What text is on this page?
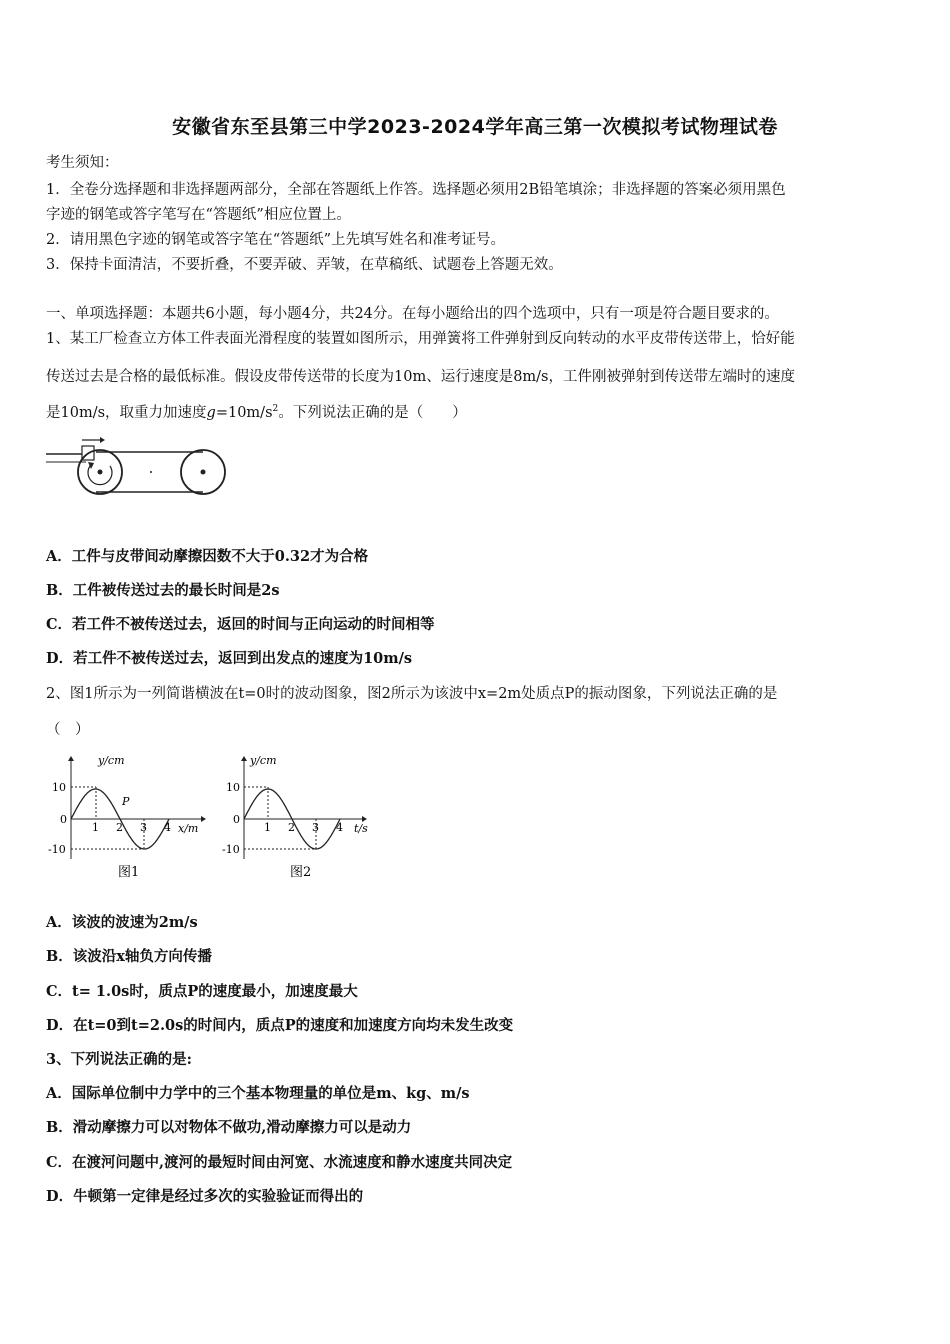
安徽省东至县第三中学2023-2024学年高三第一次模拟考试物理试卷
考生须知：
1．全卷分选择题和非选择题两部分，全部在答题纸上作答。选择题必须用2B铅笔填涂；非选择题的答案必须用黑色
字迹的钢笔或答字笔写在“答题纸”相应位置上。
2．请用黑色字迹的钢笔或答字笔在“答题纸”上先填写姓名和准考证号。
3．保持卡面清洁，不要折叠，不要弄破、弄皱，在草稿纸、试题卷上答题无效。
一、单项选择题：本题共6小题，每小题4分，共24分。在每小题给出的四个选项中，只有一项是符合题目要求的。
1、某工厂检查立方体工件表面光滑程度的装置如图所示，用弹簧将工件弹射到反向转动的水平皮带传送带上，恰好能
传送过去是合格的最低标准。假设皮带传送带的长度为10m、运行速度是8m/s，工件刚被弹射到传送带左端时的速度
是10m/s，取重力加速度$g=10m/s^2$。下列说法正确的是（　　）
A．工件与皮带间动摩擦因数不大于0.32才为合格
B．工件被传送过去的最长时间是2s
C．若工件不被传送过去，返回的时间与正向运动的时间相等
D．若工件不被传送过去，返回到出发点的速度为10m/s
2、图1所示为一列简谐横波在t=0时的波动图象，图2所示为该波中x=2m处质点P的振动图象，下列说法正确的是
（　）
y/cm
x/m
10
0
-10
1 2 3 4
P
图1
y/cm
t/s
10
0
-10
1 2 3 4
图2
A．该波的波速为2m/s
B．该波沿x轴负方向传播
C．t= 1.0s时，质点P的速度最小，加速度最大
D．在t=0到t=2.0s的时间内，质点P的速度和加速度方向均未发生改变
3、下列说法正确的是:
A．国际单位制中力学中的三个基本物理量的单位是m、kg、m/s
B．滑动摩擦力可以对物体不做功,滑动摩擦力可以是动力
C．在渡河问题中,渡河的最短时间由河宽、水流速度和静水速度共同决定
D．牛顿第一定律是经过多次的实验验证而得出的
